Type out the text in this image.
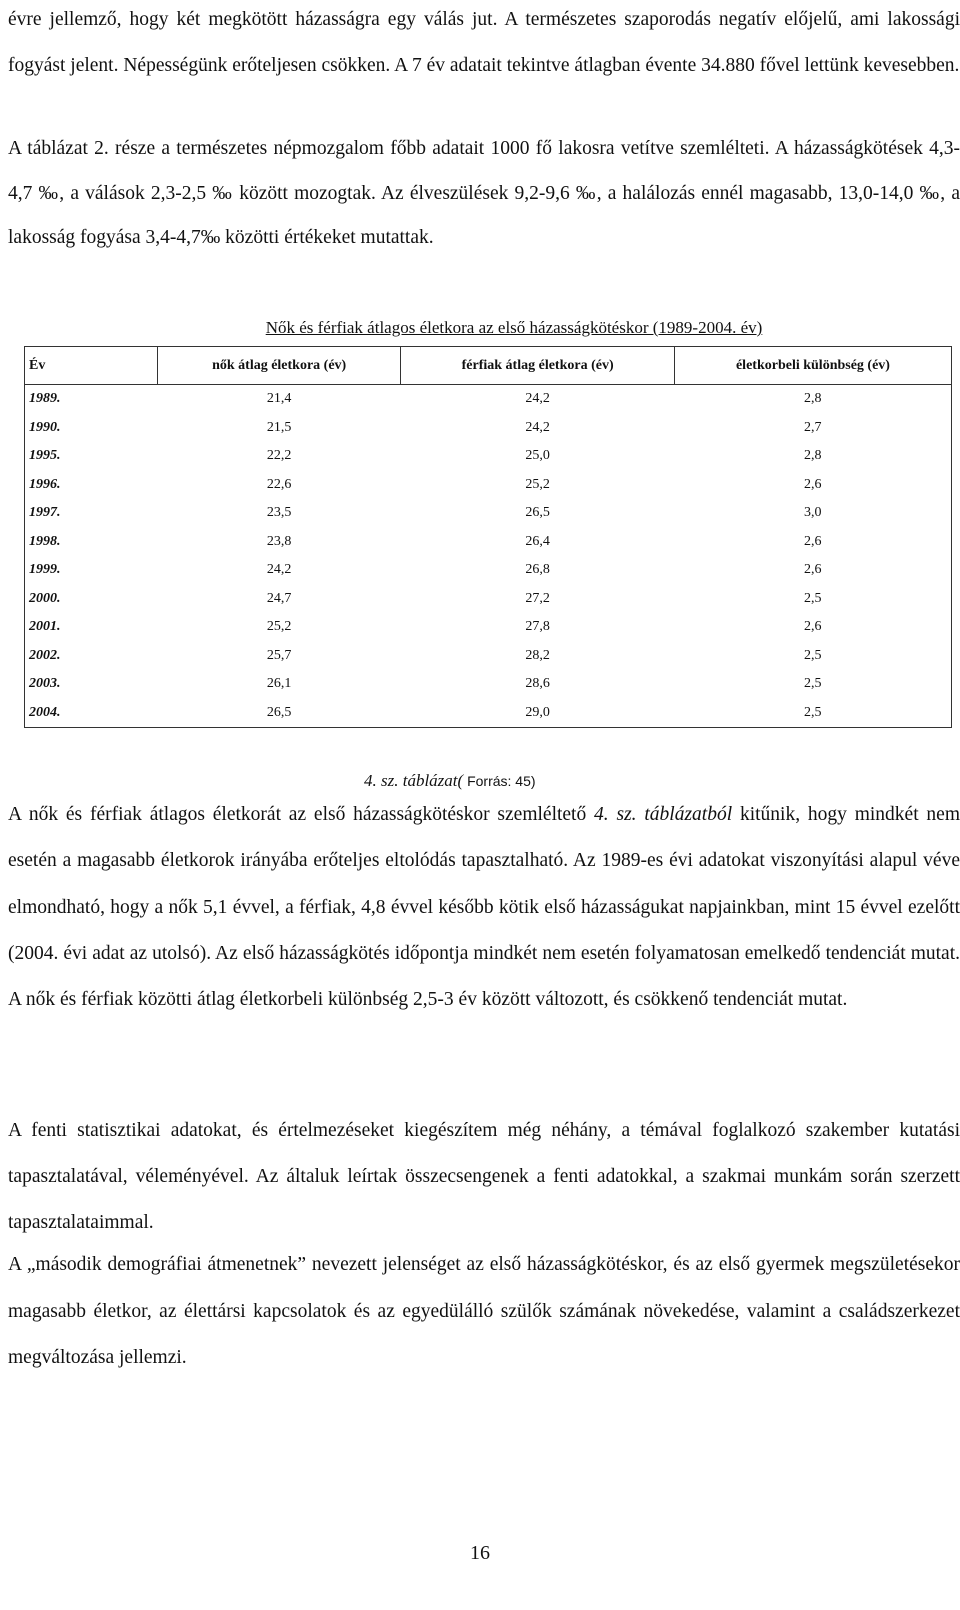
évre jellemző, hogy két megkötött házasságra egy válás jut. A természetes szaporodás negatív előjelű, ami lakossági fogyást jelent. Népességünk erőteljesen csökken. A 7 év adatait tekintve átlagban évente 34.880 fővel lettünk kevesebben.

A táblázat 2. része a természetes népmozgalom főbb adatait 1000 fő lakosra vetítve szemlélteti. A házasságkötések 4,3-4,7 ‰, a válások 2,3-2,5 ‰ között mozogtak. Az élveszülések 9,2-9,6 ‰, a halálozás ennél magasabb, 13,0-14,0 ‰, a lakosság fogyása 3,4-4,7‰ közötti értékeket mutattak.

Nők és férfiak átlagos életkora az első házasságkötéskor (1989-2004. év)
Év	nők átlag életkora (év)	férfiak átlag életkora (év)	életkorbeli különbség (év)
1989.	21,4	24,2	2,8
1990.	21,5	24,2	2,7
1995.	22,2	25,0	2,8
1996.	22,6	25,2	2,6
1997.	23,5	26,5	3,0
1998.	23,8	26,4	2,6
1999.	24,2	26,8	2,6
2000.	24,7	27,2	2,5
2001.	25,2	27,8	2,6
2002.	25,7	28,2	2,5
2003.	26,1	28,6	2,5
2004.	26,5	29,0	2,5
4. sz. táblázat( Forrás: 45)

A nők és férfiak átlagos életkorát az első házasságkötéskor szemléltető 4. sz. táblázatból kitűnik, hogy mindkét nem esetén a magasabb életkorok irányába erőteljes eltolódás tapasztalható. Az 1989-es évi adatokat viszonyítási alapul véve elmondható, hogy a nők 5,1 évvel, a férfiak, 4,8 évvel később kötik első házasságukat napjainkban, mint 15 évvel ezelőtt (2004. évi adat az utolsó). Az első házasságkötés időpontja mindkét nem esetén folyamatosan emelkedő tendenciát mutat. A nők és férfiak közötti átlag életkorbeli különbség 2,5-3 év között változott, és csökkenő tendenciát mutat.

A fenti statisztikai adatokat, és értelmezéseket kiegészítem még néhány, a témával foglalkozó szakember kutatási tapasztalatával, véleményével. Az általuk leírtak összecsengenek a fenti adatokkal, a szakmai munkám során szerzett tapasztalataimmal.

A „második demográfiai átmenetnek” nevezett jelenséget az első házasságkötéskor, és az első gyermek megszületésekor magasabb életkor, az élettársi kapcsolatok és az egyedülálló szülők számának növekedése, valamint a családszerkezet megváltozása jellemzi.

16
